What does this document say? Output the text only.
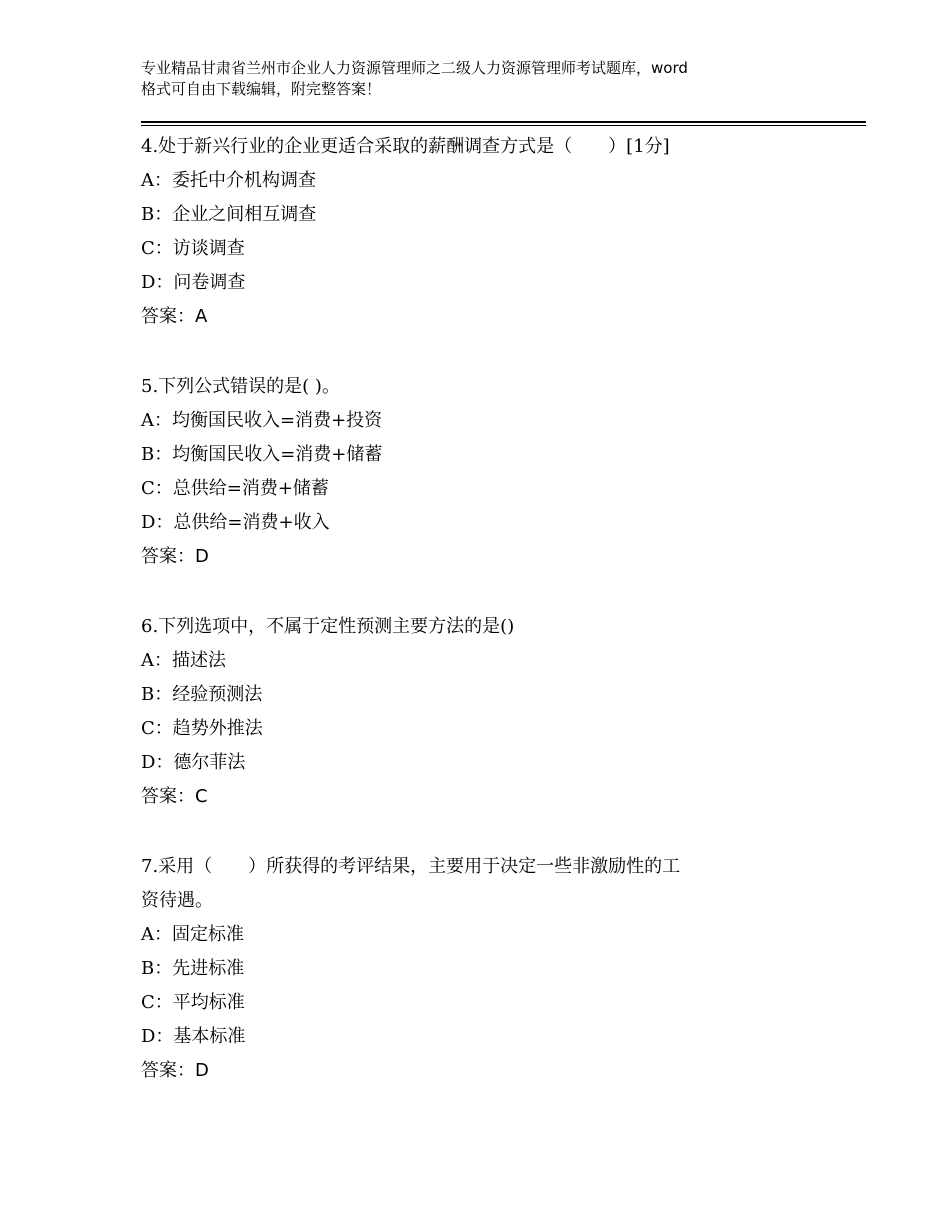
专业精品甘肃省兰州市企业人力资源管理师之二级人力资源管理师考试题库，word
格式可自由下载编辑，附完整答案！
4.处于新兴行业的企业更适合采取的薪酬调查方式是（　　）[1分]
A：委托中介机构调查
B：企业之间相互调查
C：访谈调查
D：问卷调查
答案：A
5.下列公式错误的是( )。
A：均衡国民收入=消费+投资
B：均衡国民收入=消费+储蓄
C：总供给=消费+储蓄
D：总供给=消费+收入
答案：D
6.下列选项中，不属于定性预测主要方法的是()
A：描述法
B：经验预测法
C：趋势外推法
D：德尔菲法
答案：C
7.采用（　　）所获得的考评结果，主要用于决定一些非激励性的工
资待遇。
A：固定标准
B：先进标准
C：平均标准
D：基本标准
答案：D
